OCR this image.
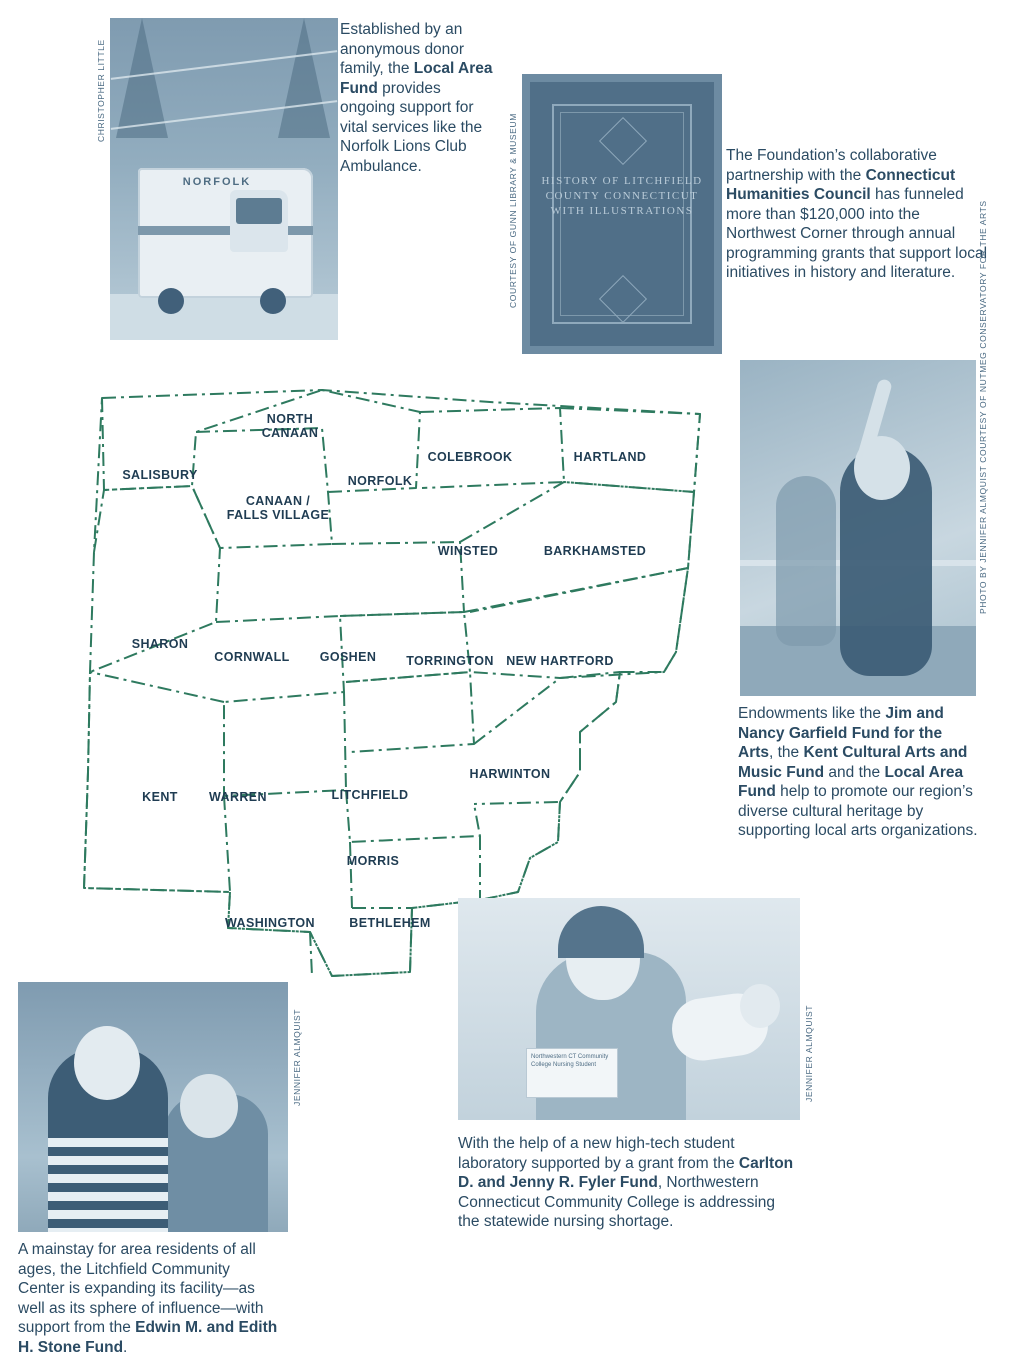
NORFOLK
CHRISTOPHER LITTLE
Established by an anonymous donor family, the Local Area Fund provides ongoing support for vital services like the Norfolk Lions Club Ambulance.
HISTORY OF LITCHFIELD COUNTY CONNECTICUT WITH ILLUSTRATIONS
COURTESY OF GUNN LIBRARY & MUSEUM	The Foundation’s collaborative partnership with the Connecticut Humanities Council has funneled more than $120,000 into the Northwest Corner through annual programming grants that support local initiatives in history and literature.	PHOTO BY JENNIFER ALMQUIST COURTESY OF NUTMEG CONSERVATORY FOR THE ARTS
Endowments like the Jim and Nancy Garfield Fund for the Arts, the Kent Cultural Arts and Music Fund and the Local Area Fund help to promote our region’s diverse cultural heritage by supporting local arts organizations.
NORTH
CANAAN
COLEBROOK	HARTLAND
SALISBURY	NORFOLK
CANAAN /
FALLS VILLAGE
WINSTED	BARKHAMSTED
SHARON
CORNWALL	GOSHEN	TORRINGTON NEW HARTFORD
HARWINTON
KENT	WARREN	LITCHFIELD
MORRIS
WASHINGTON	BETHLEHEM
JENNIFER ALMQUIST
A mainstay for area residents of all ages, the Litchfield Community Center is expanding its facility—as well as its sphere of influence—with support from the Edwin M. and Edith H. Stone Fund.
Northwestern CT Community College Nursing Student	JENNIFER ALMQUIST
With the help of a new high-tech student laboratory supported by a grant from the Carlton D. and Jenny R. Fyler Fund, Northwestern Connecticut Community College is addressing the statewide nursing shortage.
